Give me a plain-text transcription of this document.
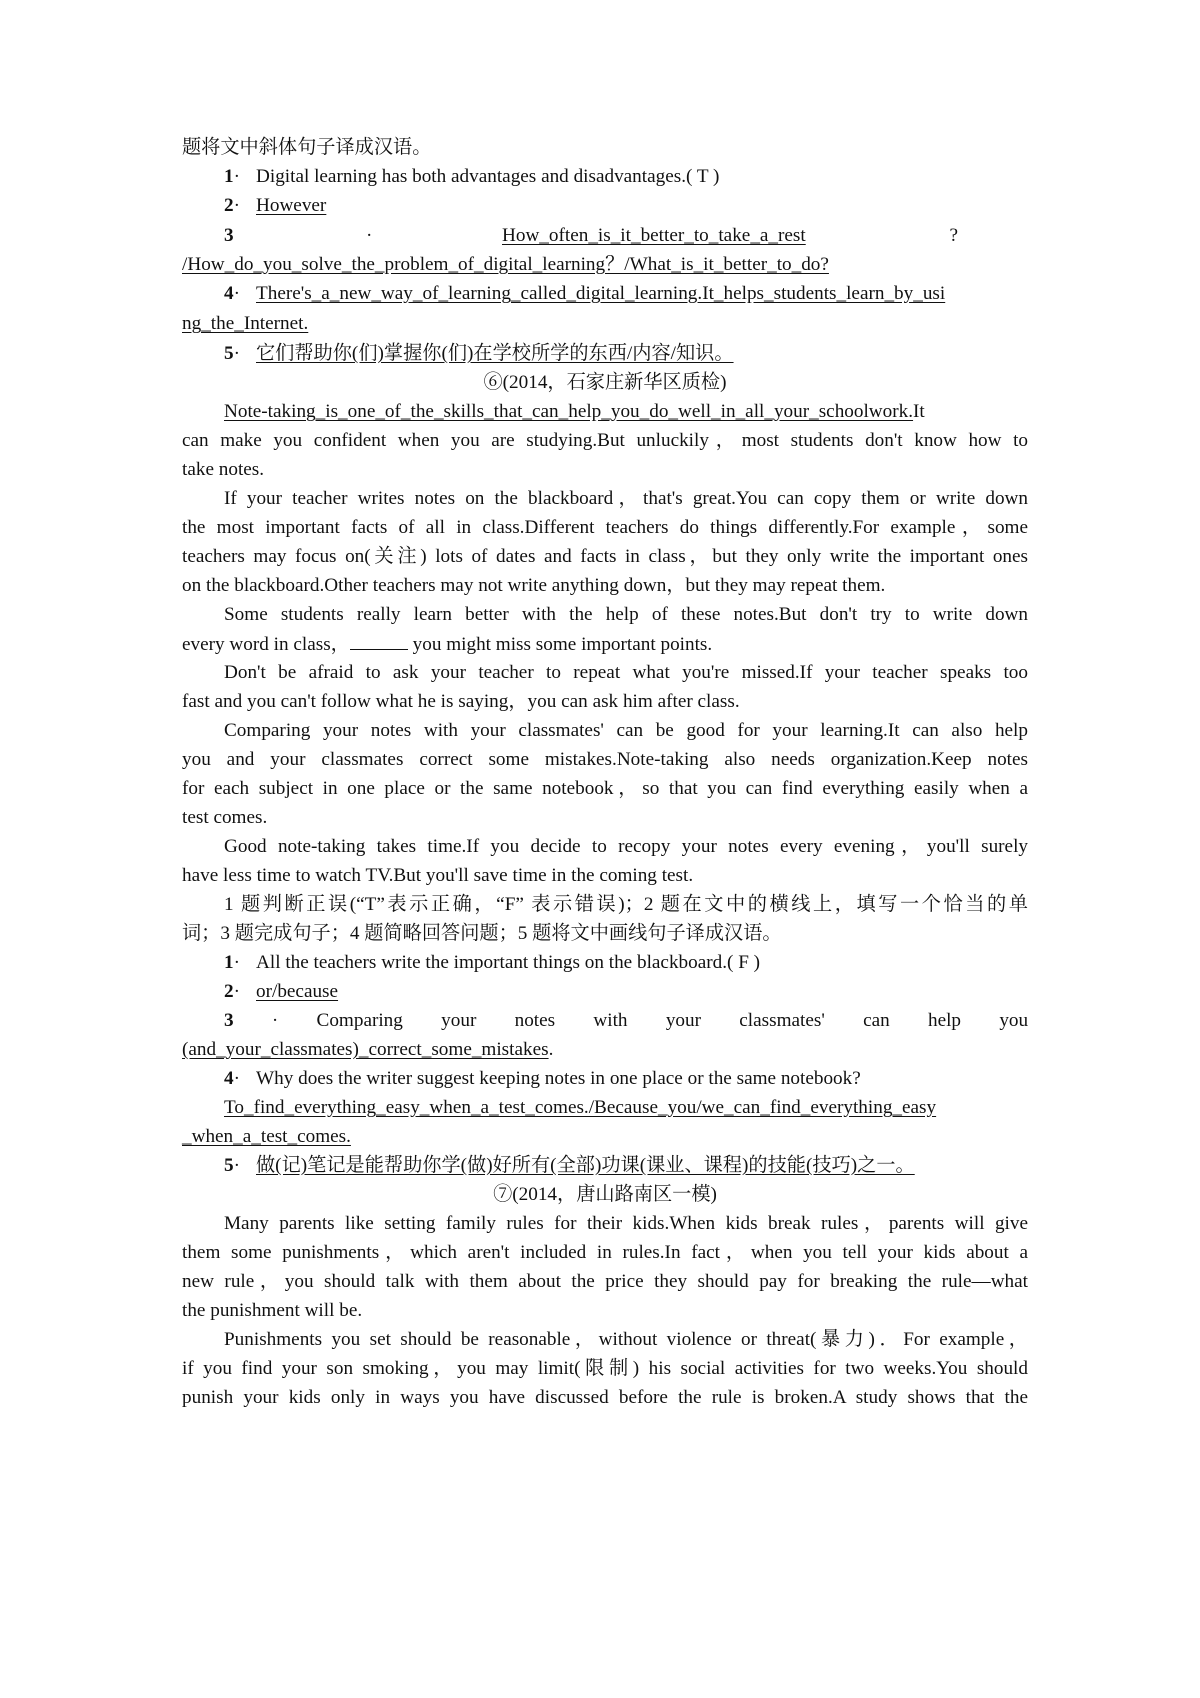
题将文中斜体句子译成汉语。
1· Digital learning has both advantages and disadvantages.( T )
2· However
3	·	How_often_is_it_better_to_take_a_rest	?
/How_do_you_solve_the_problem_of_digital_learning？/What_is_it_better_to_do?
4· There's_a_new_way_of_learning_called_digital_learning.It_helps_students_learn_by_usi
ng_the_Internet.
5· 它们帮助你(们)掌握你(们)在学校所学的东西/内容/知识。
⑥(2014，石家庄新华区质检)
Note-taking_is_one_of_the_skills_that_can_help_you_do_well_in_all_your_schoolwork.It
can make you confident when you are studying.But unluckily，most students don't know how to
take notes.
If your teacher writes notes on the blackboard，that's great.You can copy them or write down
the most important facts of all in class.Different teachers do things differently.For example，some
teachers may focus on(关注) lots of dates and facts in class，but they only write the important ones
on the blackboard.Other teachers may not write anything down，but they may repeat them.
Some students really learn better with the help of these notes.But don't try to write down
every word in class，	you might miss some important points.
Don't be afraid to ask your teacher to repeat what you're missed.If your teacher speaks too
fast and you can't follow what he is saying，you can ask him after class.
Comparing your notes with your classmates' can be good for your learning.It can also help
you and your classmates correct some mistakes.Note-taking also needs organization.Keep notes
for each subject in one place or the same notebook，so that you can find everything easily when a
test comes.
Good note-taking takes time.If you decide to recopy your notes every evening，you'll surely
have less time to watch TV.But you'll save time in the coming test.
1 题判断正误(“T”表示正确，“F” 表示错误)；2 题在文中的横线上，填写一个恰当的单
词；3 题完成句子；4 题简略回答问题；5 题将文中画线句子译成汉语。
1· All the teachers write the important things on the blackboard.( F )
2· or/because
3 · Comparing your notes with your classmates' can help you
(and_your_classmates)_correct_some_mistakes.
4· Why does the writer suggest keeping notes in one place or the same notebook?
To_find_everything_easy_when_a_test_comes./Because_you/we_can_find_everything_easy
_when_a_test_comes.
5· 做(记)笔记是能帮助你学(做)好所有(全部)功课(课业、课程)的技能(技巧)之一。
⑦(2014，唐山路南区一模)
Many parents like setting family rules for their kids.When kids break rules，parents will give
them some punishments，which aren't included in rules.In fact，when you tell your kids about a
new rule，you should talk with them about the price they should pay for breaking the rule—what
the punishment will be.
Punishments you set should be reasonable，without violence or threat(暴力)．For example，
if you find your son smoking，you may limit(限制) his social activities for two weeks.You should
punish your kids only in ways you have discussed before the rule is broken.A study shows that the
